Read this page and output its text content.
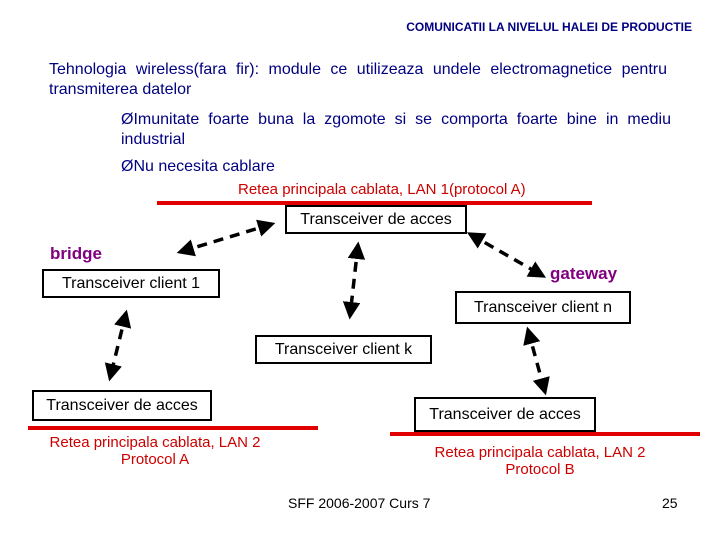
COMUNICATII LA NIVELUL HALEI DE PRODUCTIE
Tehnologia wireless(fara fir): module ce utilizeaza undele electromagnetice pentru transmiterea datelor
ØImunitate foarte buna la zgomote si se comporta foarte bine in mediu industrial
ØNu necesita cablare
Retea principala cablata, LAN 1(protocol A)
Transceiver de acces
bridge
gateway
Transceiver client 1
Transceiver client n
Transceiver client k
Transceiver de acces
Transceiver de acces
Retea principala cablata, LAN 2
Protocol A	Retea principala cablata, LAN 2
Protocol B
SFF 2006-2007 Curs 7	25
